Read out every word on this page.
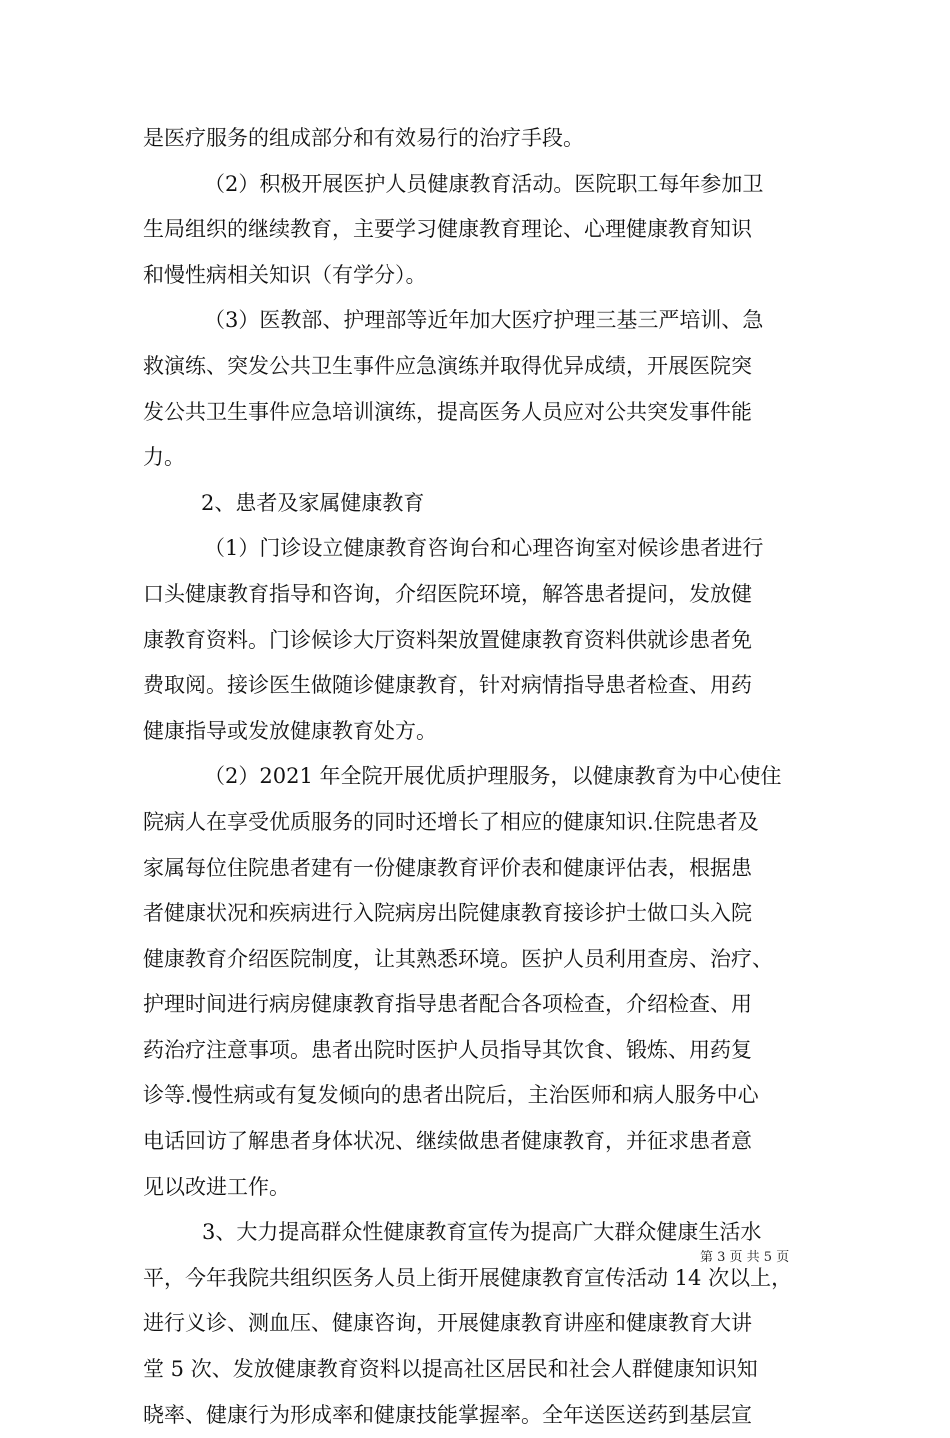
是医疗服务的组成部分和有效易行的治疗手段。
（2）积极开展医护人员健康教育活动。医院职工每年参加卫
生局组织的继续教育，主要学习健康教育理论、心理健康教育知识
和慢性病相关知识（有学分）。
（3）医教部、护理部等近年加大医疗护理三基三严培训、急
救演练、突发公共卫生事件应急演练并取得优异成绩，开展医院突
发公共卫生事件应急培训演练，提高医务人员应对公共突发事件能
力。
2、患者及家属健康教育
（1）门诊设立健康教育咨询台和心理咨询室对候诊患者进行
口头健康教育指导和咨询，介绍医院环境，解答患者提问，发放健
康教育资料。门诊候诊大厅资料架放置健康教育资料供就诊患者免
费取阅。接诊医生做随诊健康教育，针对病情指导患者检查、用药
健康指导或发放健康教育处方。
（2）2021 年全院开展优质护理服务，以健康教育为中心使住
院病人在享受优质服务的同时还增长了相应的健康知识.住院患者及
家属每位住院患者建有一份健康教育评价表和健康评估表，根据患
者健康状况和疾病进行入院病房出院健康教育接诊护士做口头入院
健康教育介绍医院制度，让其熟悉环境。医护人员利用查房、治疗、
护理时间进行病房健康教育指导患者配合各项检查，介绍检查、用
药治疗注意事项。患者出院时医护人员指导其饮食、锻炼、用药复
诊等.慢性病或有复发倾向的患者出院后，主治医师和病人服务中心
电话回访了解患者身体状况、继续做患者健康教育，并征求患者意
见以改进工作。
3、大力提高群众性健康教育宣传为提高广大群众健康生活水
平，今年我院共组织医务人员上街开展健康教育宣传活动 14 次以上，
进行义诊、测血压、健康咨询，开展健康教育讲座和健康教育大讲
堂 5 次、发放健康教育资料以提高社区居民和社会人群健康知识知
晓率、健康行为形成率和健康技能掌握率。全年送医送药到基层宣
第 3 页 共 5 页
